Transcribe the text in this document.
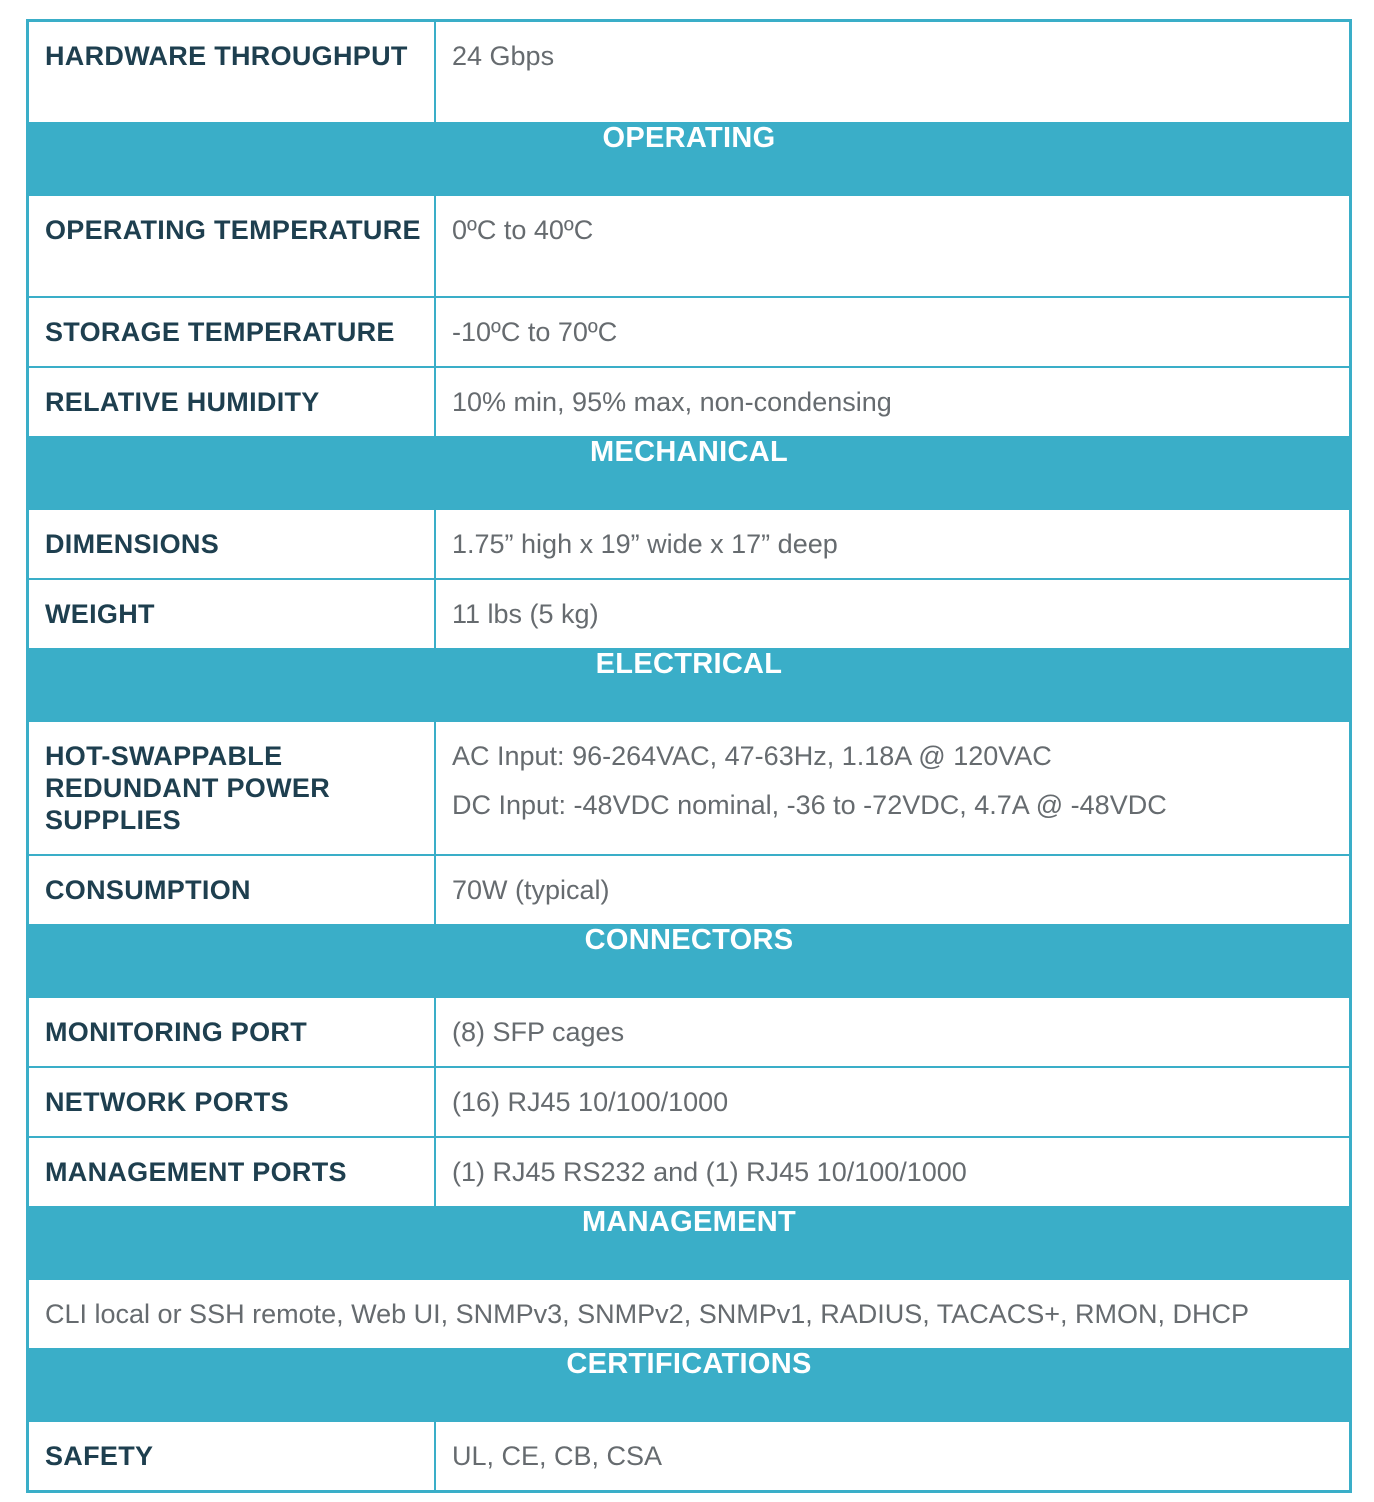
HARDWARE THROUGHPUT	24 Gbps
OPERATING	
OPERATING TEMPERATURE	0ºC to 40ºC
STORAGE TEMPERATURE	-10ºC to 70ºC
RELATIVE HUMIDITY	10% min, 95% max, non-condensing
MECHANICAL	
DIMENSIONS	1.75” high x 19” wide x 17” deep
WEIGHT	11 lbs (5 kg)
ELECTRICAL	
HOT-SWAPPABLE REDUNDANT POWER SUPPLIES	AC Input: 96-264VAC, 47-63Hz, 1.18A @ 120VAC
DC Input: -48VDC nominal, -36 to -72VDC, 4.7A @ -48VDC

CONSUMPTION	70W (typical)
CONNECTORS	
MONITORING PORT	(8) SFP cages
NETWORK PORTS	(16) RJ45 10/100/1000
MANAGEMENT PORTS	(1) RJ45 RS232 and (1) RJ45 10/100/1000
MANAGEMENT	
CLI local or SSH remote, Web UI, SNMPv3, SNMPv2, SNMPv1, RADIUS, TACACS+, RMON, DHCP	
CERTIFICATIONS	
SAFETY	UL, CE, CB, CSA
